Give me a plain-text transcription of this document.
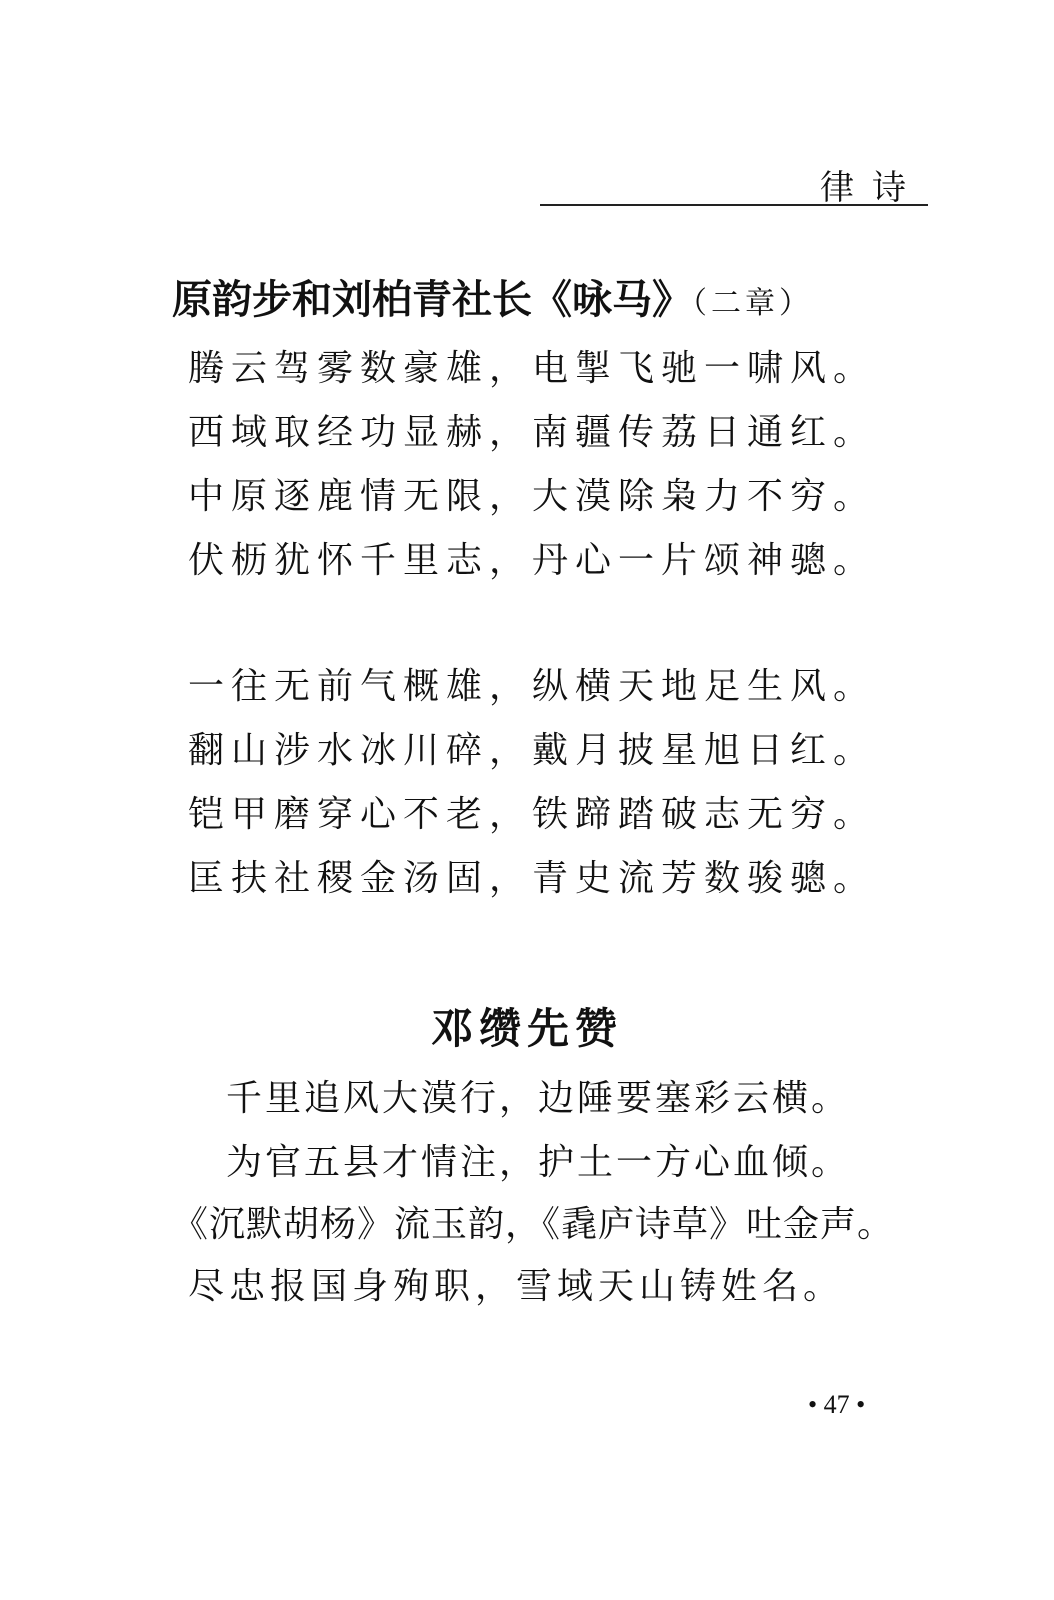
律诗
原韵步和刘柏青社长《咏马》（二章）
腾云驾雾数豪雄，电掣飞驰一啸风。
西域取经功显赫，南疆传荔日通红。
中原逐鹿情无限，大漠除枭力不穷。
伏枥犹怀千里志，丹心一片颂神骢。
一往无前气概雄，纵横天地足生风。
翻山涉水冰川碎，戴月披星旭日红。
铠甲磨穿心不老，铁蹄踏破志无穷。
匡扶社稷金汤固，青史流芳数骏骢。
邓缵先赞
千里追风大漠行，边陲要塞彩云横。
为官五县才情注，护土一方心血倾。
《沉默胡杨》流玉韵，《毳庐诗草》吐金声。
尽忠报国身殉职，雪域天山铸姓名。
• 47 •
